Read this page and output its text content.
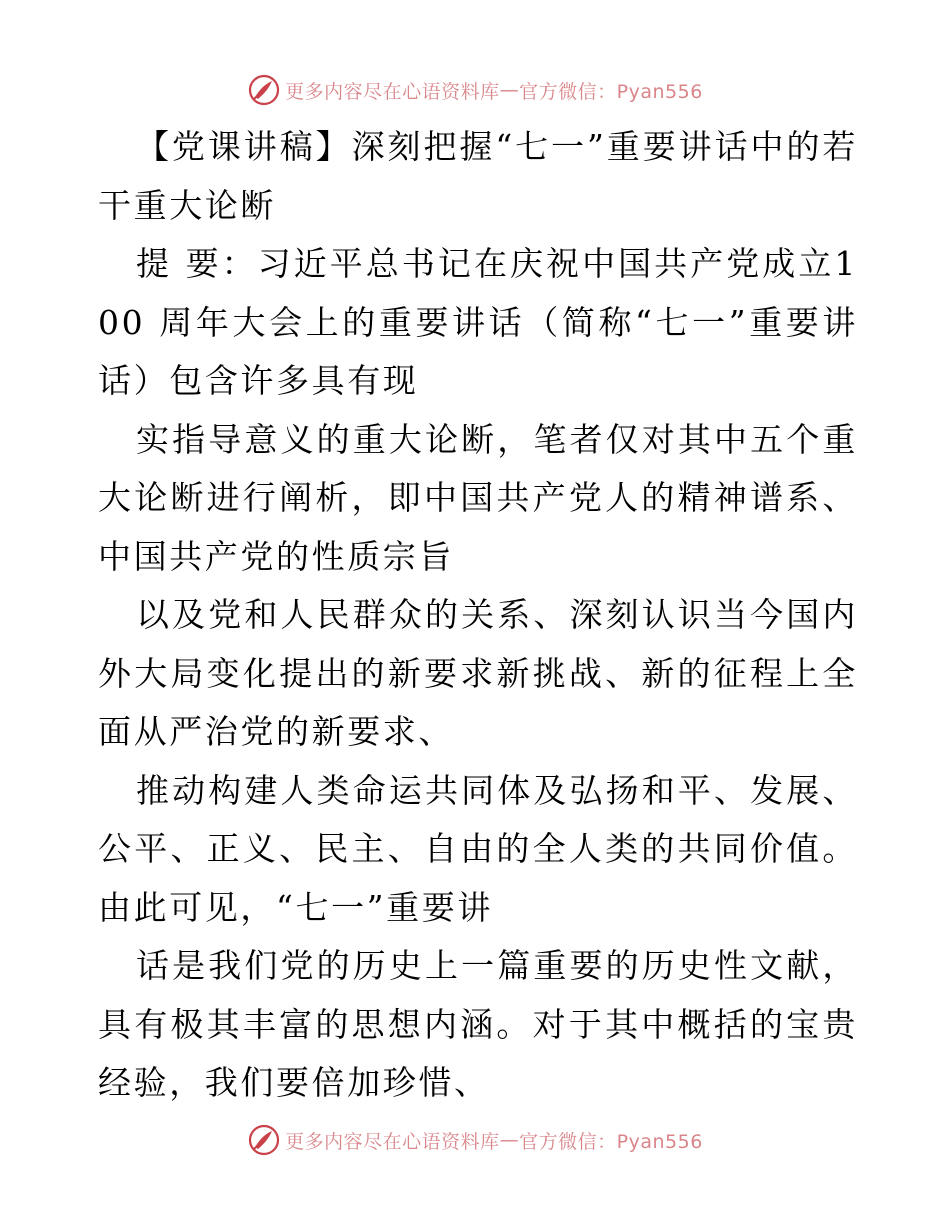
更多内容尽在心语资料库 — 官方微信：Pyan556

【党课讲稿】深刻把握“七一”重要讲话中的若干重大论断

提 要：习近平总书记在庆祝中国共产党成立100 周年大会上的重要讲话（简称“七一”重要讲话）包含许多具有现

实指导意义的重大论断，笔者仅对其中五个重大论断进行阐析，即中国共产党人的精神谱系、中国共产党的性质宗旨

以及党和人民群众的关系、深刻认识当今国内外大局变化提出的新要求新挑战、新的征程上全面从严治党的新要求、

推动构建人类命运共同体及弘扬和平、发展、公平、正义、民主、自由的全人类的共同价值。由此可见，“七一”重要讲

话是我们党的历史上一篇重要的历史性文献，具有极其丰富的思想内涵。对于其中概括的宝贵经验，我们要倍加珍惜、

更多内容尽在心语资料库 — 官方微信：Pyan556
